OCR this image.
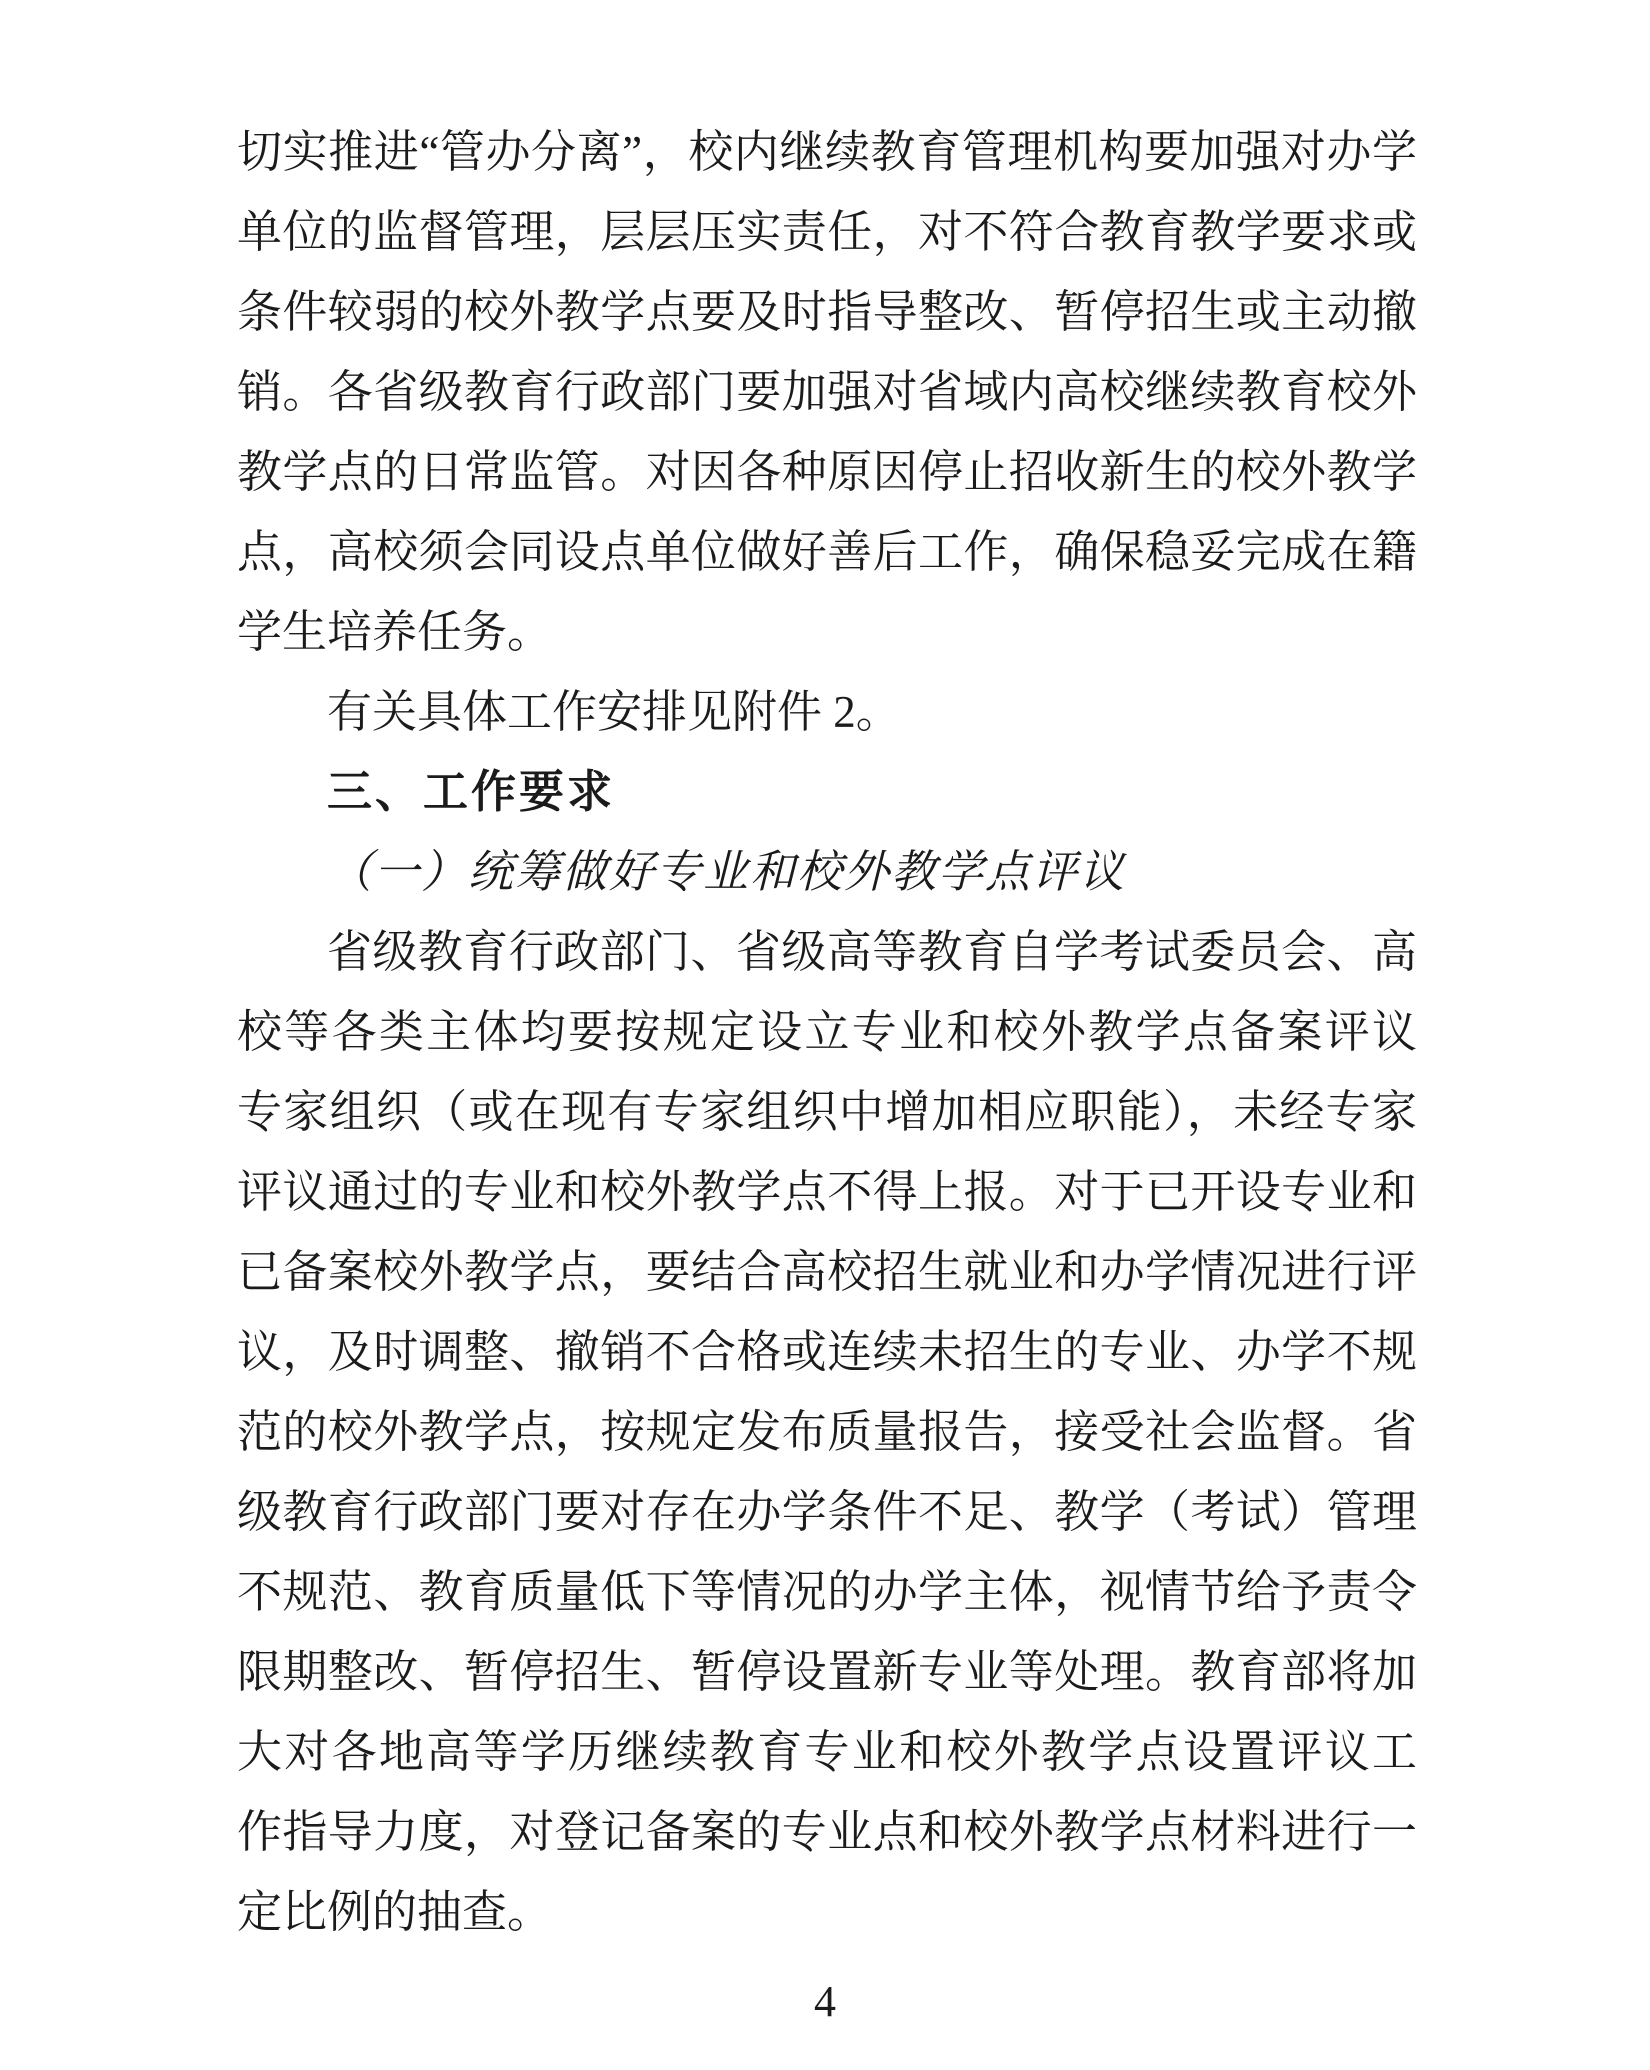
切实推进“管办分离”，校内继续教育管理机构要加强对办学
单位的监督管理，层层压实责任，对不符合教育教学要求或
条件较弱的校外教学点要及时指导整改、暂停招生或主动撤
销。各省级教育行政部门要加强对省域内高校继续教育校外
教学点的日常监管。对因各种原因停止招收新生的校外教学
点，高校须会同设点单位做好善后工作，确保稳妥完成在籍
学生培养任务。
有关具体工作安排见附件 2。
三、工作要求
（一）统筹做好专业和校外教学点评议
省级教育行政部门、省级高等教育自学考试委员会、高
校等各类主体均要按规定设立专业和校外教学点备案评议
专家组织（或在现有专家组织中增加相应职能），未经专家
评议通过的专业和校外教学点不得上报。对于已开设专业和
已备案校外教学点，要结合高校招生就业和办学情况进行评
议，及时调整、撤销不合格或连续未招生的专业、办学不规
范的校外教学点，按规定发布质量报告，接受社会监督。省
级教育行政部门要对存在办学条件不足、教学（考试）管理
不规范、教育质量低下等情况的办学主体，视情节给予责令
限期整改、暂停招生、暂停设置新专业等处理。教育部将加
大对各地高等学历继续教育专业和校外教学点设置评议工
作指导力度，对登记备案的专业点和校外教学点材料进行一
定比例的抽查。
4
